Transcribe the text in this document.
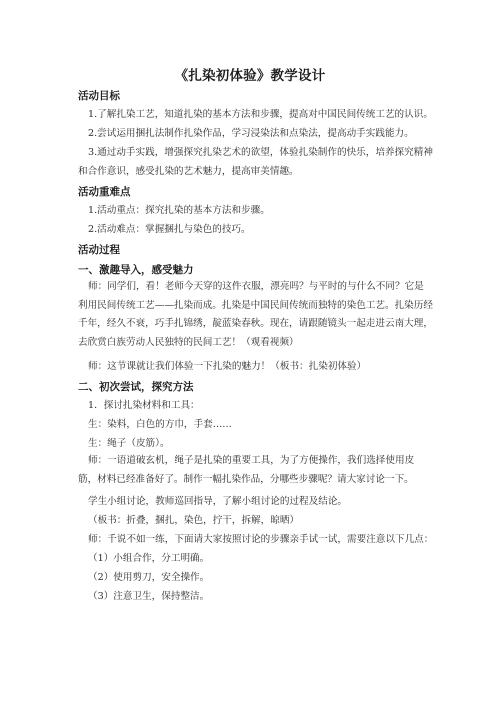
《扎染初体验》教学设计
活动目标
1.了解扎染工艺，知道扎染的基本方法和步骤，提高对中国民间传统工艺的认识。
2.尝试运用捆扎法制作扎染作品，学习浸染法和点染法，提高动手实践能力。
3.通过动手实践，增强探究扎染艺术的欲望，体验扎染制作的快乐，培养探究精神
和合作意识，感受扎染的艺术魅力，提高审美情趣。
活动重难点
1.活动重点：探究扎染的基本方法和步骤。
2.活动难点：掌握捆扎与染色的技巧。
活动过程
一、激趣导入，感受魅力
师：同学们，看！老师今天穿的这件衣服，漂亮吗？与平时的与什么不同？它是利用民间传统工艺——扎染而成。扎染是中国民间传统而独特的染色工艺。扎染历经千年，经久不衰，巧手扎锦绣，靛蓝染春秋。现在，请跟随镜头一起走进云南大理，去欣赏白族劳动人民独特的民间工艺！（观看视频）
师：这节课就让我们体验一下扎染的魅力！（板书：扎染初体验）
二、初次尝试，探究方法
1．探讨扎染材料和工具：
生：染料，白色的方巾，手套……
生：绳子（皮筋）。
师：一语道破玄机，绳子是扎染的重要工具，为了方便操作，我们选择使用皮筋，材料已经准备好了。制作一幅扎染作品，分哪些步骤呢？请大家讨论一下。
学生小组讨论，教师巡回指导，了解小组讨论的过程及结论。
（板书：折叠，捆扎，染色，拧干，拆解，晾晒）
师：千说不如一练，下面请大家按照讨论的步骤亲手试一试，需要注意以下几点：
（1）小组合作，分工明确。
（2）使用剪刀，安全操作。
（3）注意卫生，保持整洁。
